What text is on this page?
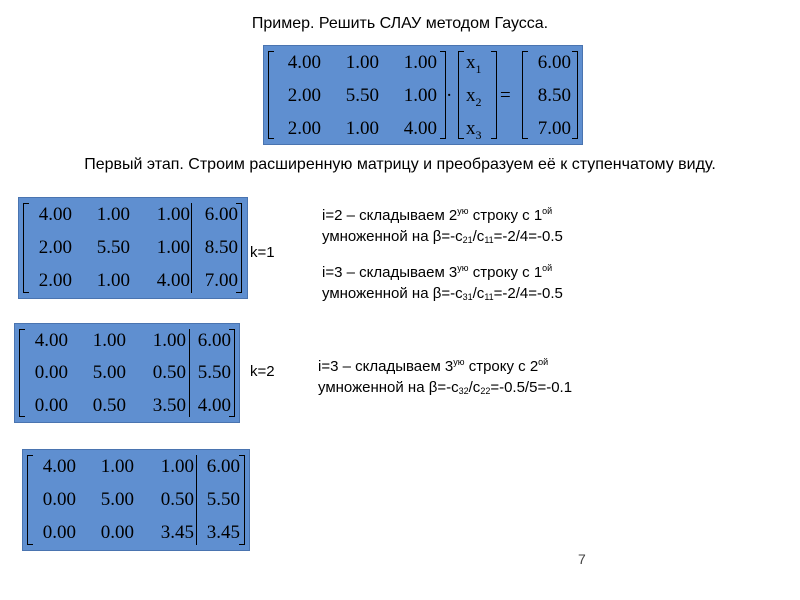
Пример. Решить СЛАУ методом Гаусса.
4.00	1.00	1.00
2.00	5.50	1.00
2.00	1.00	4.00
·
$x_1$
$x_2$
$x_3$
=
6.00
8.50
7.00
Первый этап. Строим расширенную матрицу и преобразуем её к ступенчатому виду.
4.00	1.00	1.00 6.00
2.00	5.50	1.00 8.50
2.00	1.00	4.00 7.00
k=1
i=2 – складываем $2^{ую}$ строку с $1^{ой}$
умноженной на $\beta=-c_{21}/c_{11}=-2/4=-0.5$
i=3 – складываем $3^{ую}$ строку с $1^{ой}$
умноженной на $\beta=-c_{31}/c_{11}=-2/4=-0.5$
4.00	1.00	1.00 6.00
0.00	5.00	0.50 5.50
0.00	0.50	3.50 4.00
k=2	i=3 – складываем $3^{ую}$ строку с $2^{ой}$
умноженной на $\beta=-c_{32}/c_{22}=-0.5/5=-0.1$
4.00	1.00	1.00 6.00
0.00	5.00	0.50 5.50
0.00	0.00	3.45 3.45
7
